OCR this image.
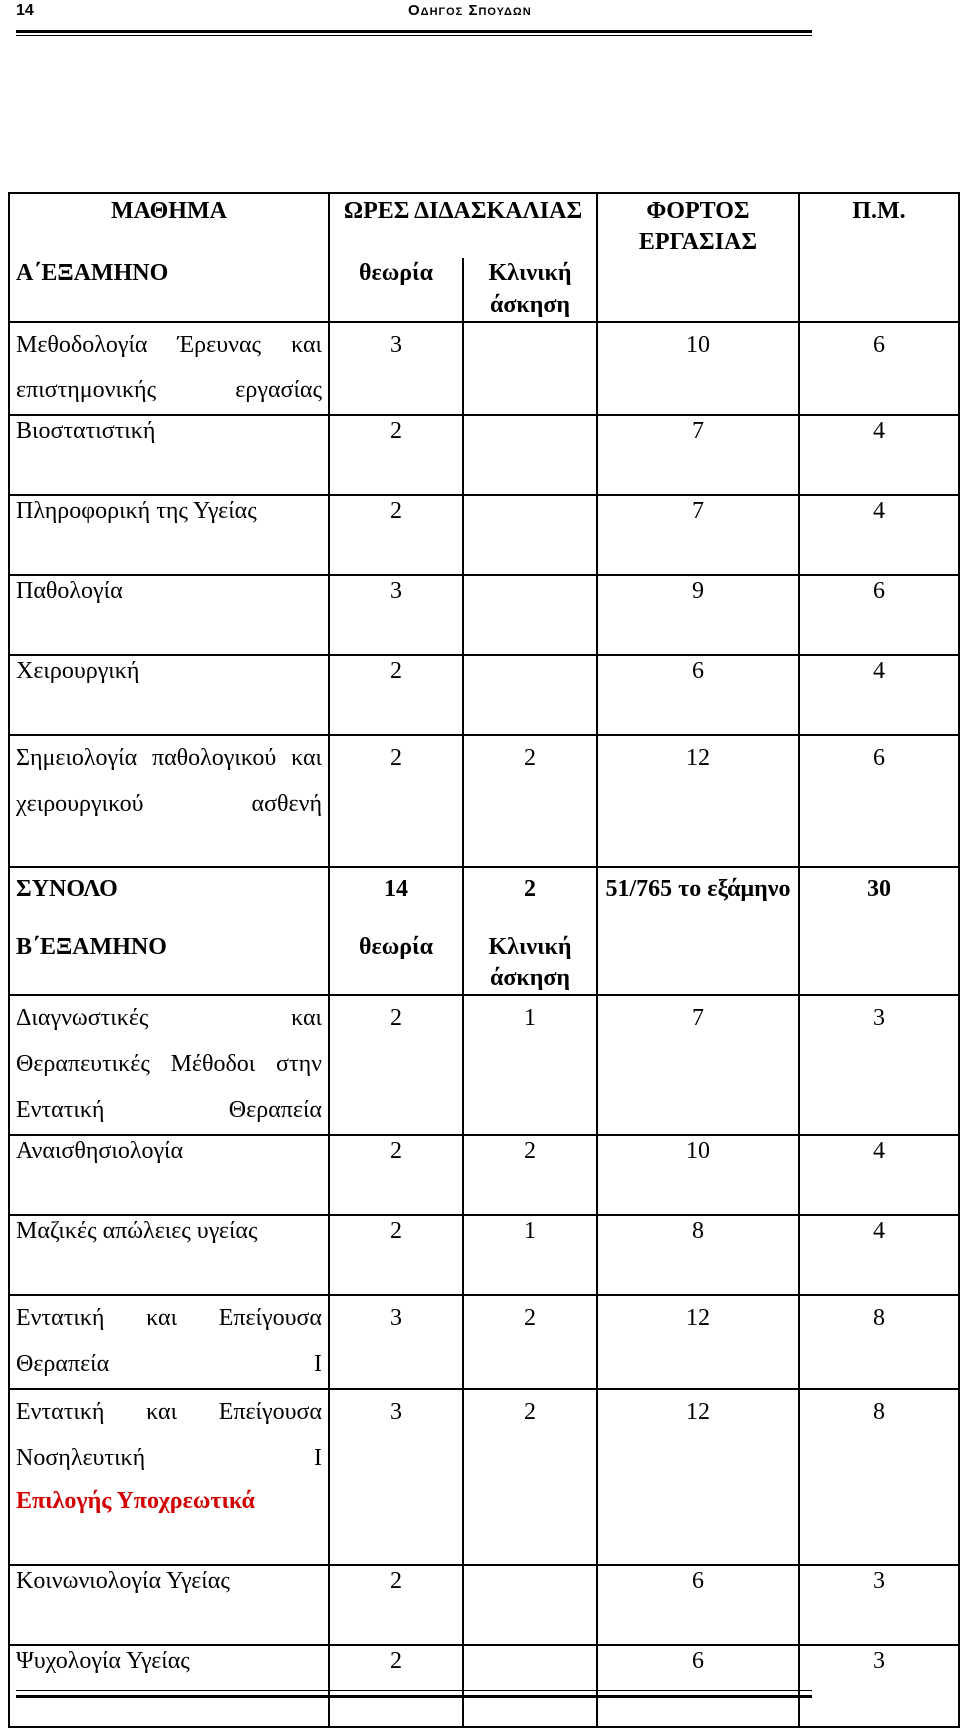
14	Οδηγος Σπουδων
ΜΑΘΗΜΑ	ΩΡΕΣ ΔΙΔΑΣΚΑΛΙΑΣ		ΦΟΡΤΟΣ ΕΡΓΑΣΙΑΣ	Π.Μ.
Α΄ΕΞΑΜΗΝΟ	θεωρία	Κλινική άσκηση		
Μεθοδολογία Έρευνας και επιστημονικής εργασίας	3		10	6
Βιοστατιστική	2		7	4
Πληροφορική της Υγείας	2		7	4
Παθολογία	3		9	6
Χειρουργική	2		6	4
Σημειολογία παθολογικού και χειρουργικού ασθενή	2	2	12	6
ΣΥΝΟΛΟ	14	2	51/765 το εξάμηνο	30
Β΄ΕΞΑΜΗΝΟ	θεωρία	Κλινική άσκηση		
Διαγνωστικές και Θεραπευτικές Μέθοδοι στην Εντατική Θεραπεία	2	1	7	3
Αναισθησιολογία	2	2	10	4
Μαζικές απώλειες υγείας	2	1	8	4
Εντατική και Επείγουσα Θεραπεία Ι	3	2	12	8
Εντατική και Επείγουσα Νοσηλευτική Ι	3	2	12	8
Επιλογής Υποχρεωτικά				
Κοινωνιολογία Υγείας	2		6	3
Ψυχολογία Υγείας	2		6	3
